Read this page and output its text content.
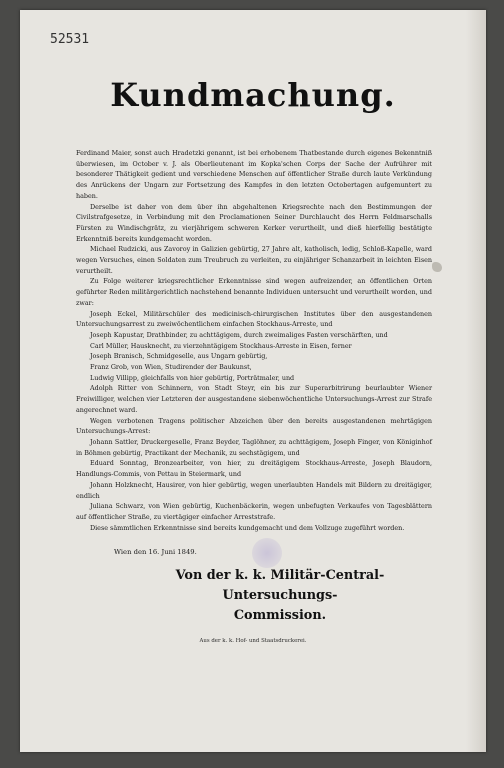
52531
Kundmachung.

Ferdinand Maier, sonst auch Hradetzki genannt, ist bei erhobenem Thatbestande durch eigenes Bekenntniß überwiesen, im October v. J. als Oberlieutenant im Kopka'schen Corps der Sache der Aufrührer mit besonderer Thätigkeit gedient und verschiedene Menschen auf öffentlicher Straße durch laute Verkündung des Anrückens der Ungarn zur Fortsetzung des Kampfes in den letzten Octobertagen aufgemuntert zu haben.

Derselbe ist daher von dem über ihn abgehaltenen Kriegsrechte nach den Bestimmungen der Civilstrafgesetze, in Verbindung mit den Proclamationen Seiner Durchlaucht des Herrn Feldmarschalls Fürsten zu Windischgrätz, zu vierjährigem schweren Kerker verurtheilt, und dieß hierfellig bestätigte Erkenntniß bereits kundgemacht worden.

Michael Rudzicki, aus Zavoroy in Galizien gebürtig, 27 Jahre alt, katholisch, ledig, Schloß-Kapelle, ward wegen Versuches, einen Soldaten zum Treubruch zu verleiten, zu einjähriger Schanzarbeit in leichten Eisen verurtheilt.

Zu Folge weiterer kriegsrechtlicher Erkenntnisse sind wegen aufreizender, an öffentlichen Orten geführter Reden militärgerichtlich nachstehend benannte Individuen untersucht und verurtheilt worden, und zwar:

Joseph Eckel, Militärschüler des medicinisch-chirurgischen Institutes über den ausgestandenen Untersuchungsarrest zu zweiwöchentlichem einfachen Stockhaus-Arreste, und

Joseph Kapustar, Drathbinder, zu achttägigem, durch zweimaliges Fasten verschärften, und

Carl Müller, Hausknecht, zu vierzehntägigem Stockhaus-Arreste in Eisen, ferner

Joseph Branisch, Schmidgeselle, aus Ungarn gebürtig,

Franz Grob, von Wien, Studirender der Baukunst,

Ludwig Villipp, gleichfalls von hier gebürtig, Porträtmaler, und

Adolph Ritter von Schinnern, von Stadt Steyr, ein bis zur Superarbitrirung beurlaubter Wiener Freiwilliger, welchen vier Letzteren der ausgestandene siebenwöchentliche Untersuchungs-Arrest zur Strafe angerechnet ward.

Wegen verbotenen Tragens politischer Abzeichen über den bereits ausgestandenen mehrtägigen Untersuchungs-Arrest:

Johann Sattler, Druckergeselle, Franz Beyder, Taglöhner, zu achttägigem, Joseph Finger, von Königinhof in Böhmen gebürtig, Practikant der Mechanik, zu sechstägigem, und

Eduard Sonntag, Bronzearbeiter, von hier, zu dreitägigem Stockhaus-Arreste, Joseph Blaudorn, Handlungs-Commis, von Pettau in Steiermark, und

Johann Holzknecht, Hausirer, von hier gebürtig, wegen unerlaubten Handels mit Bildern zu dreitägiger, endlich

Juliana Schwarz, von Wien gebürtig, Kuchenbäckerin, wegen unbefugten Verkaufes von Tagesblättern auf öffentlicher Straße, zu viertägiger einfacher Arreststrafe.

Diese sämmtlichen Erkenntnisse sind bereits kundgemacht und dem Vollzuge zugeführt worden.

Wien den 16. Juni 1849.
Von der k. k. Militär-Central-Untersuchungs-
Commission.
Aus der k. k. Hof- und Staatsdruckerei.
